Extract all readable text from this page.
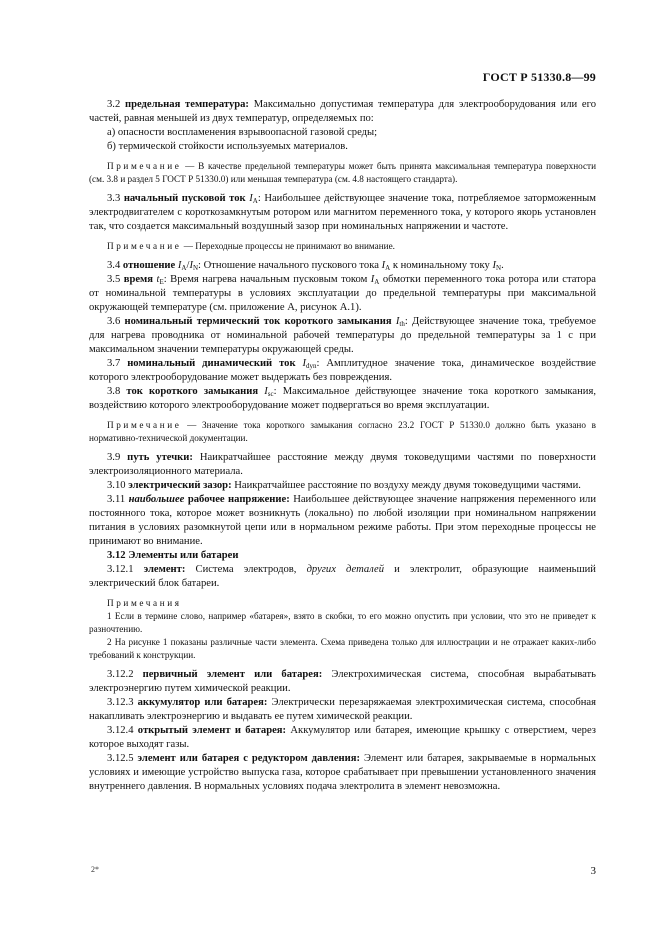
ГОСТ Р 51330.8—99

3.2 предельная температура: Максимально допустимая температура для электрооборудования или его частей, равная меньшей из двух температур, определяемых по:

а) опасности воспламенения взрывоопасной газовой среды;

б) термической стойкости используемых материалов.

Примечание — В качестве предельной температуры может быть принята максимальная температура поверхности (см. 3.8 и раздел 5 ГОСТ Р 51330.0) или меньшая температура (см. 4.8 настоящего стандарта).

3.3 начальный пусковой ток $I_A$: Наибольшее действующее значение тока, потребляемое заторможенным электродвигателем с короткозамкнутым ротором или магнитом переменного тока, у которого якорь установлен так, что создается максимальный воздушный зазор при номинальных напряжении и частоте.

Примечание — Переходные процессы не принимают во внимание.

3.4 отношение $I_A/I_N$: Отношение начального пускового тока $I_A$ к номинальному току $I_N$.

3.5 время $t_E$: Время нагрева начальным пусковым током $I_A$ обмотки переменного тока ротора или статора от номинальной температуры в условиях эксплуатации до предельной температуры при максимальной окружающей температуре (см. приложение А, рисунок А.1).

3.6 номинальный термический ток короткого замыкания $I_{th}$: Действующее значение тока, требуемое для нагрева проводника от номинальной рабочей температуры до предельной температуры за 1 с при максимальном значении температуры окружающей среды.

3.7 номинальный динамический ток $I_{dyn}$: Амплитудное значение тока, динамическое воздействие которого электрооборудование может выдержать без повреждения.

3.8 ток короткого замыкания $I_{sc}$: Максимальное действующее значение тока короткого замыкания, воздействию которого электрооборудование может подвергаться во время эксплуатации.

Примечание — Значение тока короткого замыкания согласно 23.2 ГОСТ Р 51330.0 должно быть указано в нормативно-технической документации.

3.9 путь утечки: Наикратчайшее расстояние между двумя токоведущими частями по поверхности электроизоляционного материала.

3.10 электрический зазор: Наикратчайшее расстояние по воздуху между двумя токоведущими частями.

3.11 наибольшее рабочее напряжение: Наибольшее действующее значение напряжения переменного или постоянного тока, которое может возникнуть (локально) по любой изоляции при номинальном напряжении питания в условиях разомкнутой цепи или в нормальном режиме работы. При этом переходные процессы не принимают во внимание.

3.12 Элементы или батареи

3.12.1 элемент: Система электродов, других деталей и электролит, образующие наименьший электрический блок батареи.

Примечания

1 Если в термине слово, например «батарея», взято в скобки, то его можно опустить при условии, что это не приведет к разночтению.

2 На рисунке 1 показаны различные части элемента. Схема приведена только для иллюстрации и не отражает каких-либо требований к конструкции.

3.12.2 первичный элемент или батарея: Электрохимическая система, способная вырабатывать электроэнергию путем химической реакции.

3.12.3 аккумулятор или батарея: Электрически перезаряжаемая электрохимическая система, способная накапливать электроэнергию и выдавать ее путем химической реакции.

3.12.4 открытый элемент и батарея: Аккумулятор или батарея, имеющие крышку с отверстием, через которое выходят газы.

3.12.5 элемент или батарея с редуктором давления: Элемент или батарея, закрываемые в нормальных условиях и имеющие устройство выпуска газа, которое срабатывает при превышении установленного значения внутреннего давления. В нормальных условиях подача электролита в элемент невозможна.

2*	3
